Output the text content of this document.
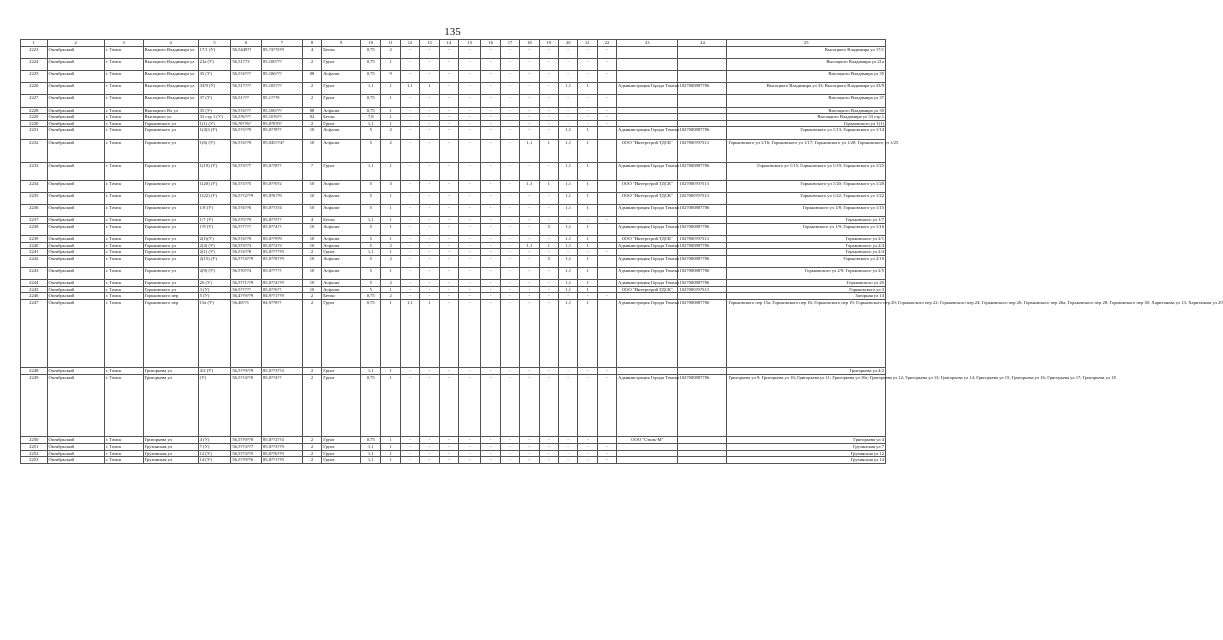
135
1	2	3	4	5	6	7	8	9	10	11	12	13	14	15	16	17	18	19	20	21	22	23	24	25
2223	Октябрьский	г. Томск	Высоцкого Владимира ул	17/1 (У)	56,5449??	85,?3??5?9	4	Бетон	0,75	2	-	-	-	-	-	-	-	-	-	-	-			Высоцкого Владимира ул 17/1
2224	Октябрьский	г. Томск	Высоцкого Владимира ул	21а (У)	56,51773	85,100???	2	Грунт	0,75	1	-	-	-	-	-	-	-	-	-	-	-			Высоцкого Владимира ул 21а
2225	Октябрьский	г. Томск	Высоцкого Владимира ул	35 (У)	56,5?4???	85,106???	08	Асфальт	0,75	9	-	-	-	-	-	-	-	-	-	-	-			Высоцкого Владимира ул 35
2226	Октябрьский	г. Томск	Высоцкого Владимира ул	33/9 (У)	56,517???	85,105???	2	Грунт	1,1	1	1,1	1	-	-	-	-	-	-	1,1	1		Администрация Города Томска	1027000887706	Высоцкого Владимира ул 33; Высоцкого Владимира ул 33/9
2227	Октябрьский	г. Томск	Высоцкого Владимира ул	37 (У)	56,51???	85,1???9	2	Грунт	0,75	1	-	-	-	-	-	-	-	-	-	-	-			Высоцкого Владимира ул 37
2228	Октябрьский	г. Томск	Высоцкого Вл ул	35 (У)	56,5?4???	85,106???	08	Асфальт	0,75	1	-	-	-	-	-	-	-	-	-	-	-			Высоцкого Владимира ул 35
2229	Октябрьский	г. Томск	Высоцкого ул	33 стр 1 (У)	56,5?6???	85,10?6??	02	Бетон	7,8	1	-	-	-	-	-	-	-	-	-	-	-			Высоцкого Владимира ул 33 стр 1
2230	Октябрьский	г. Томск	Горьковского ул	1(1) (У)	56,?0??6?	85,0?0?0?	2	Грунт	1,1	1	-	-	-	-	-	-	-	-	-	-	-			Горьковского ул 1(1)
2231	Октябрьский	г. Томск	Горьковского ул	1(4)3 (У)	56,5?3??9	85,0??8??	10	Асфальт	5	2	-	-	-	-	-	-	-	-	1,1	1		Администрация Города Томска	1027000887706	Горьковского ул 1/13; Горьковского ул 1/14
2232	Октябрьский	г. Томск	Горьковского ул	1(6) (У)	56,5?4??9	85,045??4?	10	Асфальт	5	2	-	-	-	-	-	-	1,1	1	1,1	1		ООО "Интерстрой ТДСК"	1027000?0?513	Горьковского ул 1/16; Горьковского ул 1/17; Горьковского ул 1/20; Горьковского ул 1/25
2233	Октябрьский	г. Томск	Горьковского ул	1(19) (У)	56,5?3??7	85,0??8??	7	Грунт	1,1	1	-	-	-	-	-	-	-	-	1,1	1		Администрация Города Томска	1027000887706	Горьковского ул 1/15; Горьковского ул 1/19; Горьковского ул 1/25
2234	Октябрьский	г. Томск	Горьковского ул	1(20) (У)	56,5?3??5	85,0??0?2	10	Асфальт	5	3	-	-	-	-	-	-	1,1	1	1,1	1		ООО "Интерстрой ТДСК"	1027000?0?513	Горьковского ул 1/20; Горьковского ул 1/20
2235	Октябрьский	г. Томск	Горьковского ул	1(22) (У)	56,5??2??9	85,0?6??9	10	Асфальт	5	1	-	-	-	-	-	-	-	-	1,1	1		ООО "Интерстрой ТДСК"	1027000?0?513	Горьковского ул 1/22; Горьковского ул 1/22
2236	Октябрьский	г. Томск	Горьковского ул	1/8 (У)	56,5?4??6	85,0??3?4	10	Асфальт	5	1	-	-	-	-	-	-	-	-	1,1	1		Администрация Города Томска	1027000887706	Горьковского ул 1/8; Горьковского ул 1/15
2237	Октябрьский	г. Томск	Горьковского ул	1/7 (У)	56,5?5??9	85,0??5??	4	Бетон	1,1	1	-	-	-	-	-	-	-	-	-	-	-			Горьковского ул 1/7
2238	Октябрьский	г. Томск	Горьковского ул	1/9 (У)	56,5??7??	85,0??4??	10	Асфальт	5	1	-	-	-	-	-	-	-	5	1,1	1		Администрация Города Томска	1027000887706	Горьковского ул 1/9; Горьковского ул 1/16
2239	Октябрьский	г. Томск	Горьковского ул	2(1)(У)	56,5?4??9	85,0??9?9	10	Асфальт	5	1	-	-	-	-	-	-	-	-	1,1	1		ООО "Интерстрой ТДСК"	1027000?0?513	Горьковского ул 2/1
2240	Октябрьский	г. Томск	Горьковского ул	2(4) (У)	56,5?3??3	85,0??2?3	10	Асфальт	5	2	-	-	-	-	-	-	1,1	1	1,1	1		Администрация Города Томска	1027000887706	Горьковского ул 2/4
2241	Октябрьский	г. Томск	Горьковского ул	2(1) (У)	56,5?4??8	85,0??7??9	2	Грунт	1,1	1	-	-	-	-	-	-	-	-	-	-	-			Горьковского ул 2/4
2242	Октябрьский	г. Томск	Горьковского ул	2(15) (У)	56,5??4??9	85,0??8??9	10	Асфальт	5	2	-	-	-	-	-	-	-	5	1,1	1		Администрация Города Томска	1027000887706	Горьковского ул 2/10
2243	Октябрьский	г. Томск	Горьковского ул	2(9) (У)	56,5?0??4	85,0??7??	10	Асфальт	5	1	-	-	-	-	-	-	-	-	1,1	1		Администрация Города Томска	1027000887706	Горьковского ул 2/9; Горьковского ул 2/5
2244	Октябрьский	г. Томск	Горьковского ул	2б (У)	56,5??1??9	85,0??4??9	10	Асфальт	5	2	-	-	-	-	-	-	-	-	1,1	1		Администрация Города Томска	1027000887706	Горьковского ул 2б
2245	Октябрьский	г. Томск	Горьковского ул	3 (У)	56,5??7??	85,0??6??	10	Асфальт	5	1	-	-	-	-	-	-	-	-	1,1	1		ООО "Интерстрой ТДСК"	1027000?0?513	Горьковского ул 3
2246	Октябрьский	г. Томск	Горьковского пер	5 (У)	56,4??9??9	84,9??1??9	2	Бетон	0,75	2	-	-	-	-	-	-	-	-	-	-	-			Загорная ул 14
2247	Октябрьский	г. Томск	Горьковского пер	15а (У)	56,48??1	84,9??8??	2	Грунт	0,75	1	1,1	1	-	-	-	-	-	-	1,1	1		Администрация Города Томска	1027000887706	Горьковского пер 15а; Горьковского пер 16; Горьковского пер 19; Горьковского пер 20; Горьковского пер 22; Горьковского пер 24; Горьковского пер 26; Горьковского пер 26а; Горьковского пер 28; Горьковского пер 30; Хаританова ул 13; Хаританова ул 29
2248	Октябрьский	г. Томск	Григорьева ул	4/2 (У)	56,5??9??9	85,0??3??4	2	Грунт	1,1	1	-	-	-	-	-	-	-	-	-	-	-			Григорьева ул 4/2
2249	Октябрьский	г. Томск	Григорьева ул	(У)	56,5??4??0	85,0??4??	2	Грунт	0,75	1	-	-	-	-	-	-	-	-	-	-	-	Администрация Города Томска	1027000887706	Григорьева ул 9; Григорьева ул 10; Григорьева ул 11; Григорьева ул 10а; Григорьева ул 12; Григорьева ул 13; Григорьева ул 14; Григорьева ул 15; Григорьева ул 16; Григорьева ул 17; Григорьева ул 18
2250	Октябрьский	г. Томск	Григорьева ул	4 (У)	56,5??9??0	85,0??2??4	2	Грунт	0,75	1	-	-	-	-	-	-	-	-	-	-		ООО "Стиль-М"		Григорьева ул 4
2251	Октябрьский	г. Томск	Грузинская ул	7 (У)	56,5??3??7	85,0??3??9	2	Грунт	1,1	1	-	-	-	-	-	-	-	-	-	-	-			Грузинская ул 7
2252	Октябрьский	г. Томск	Грузинская ул	12 (У)	56,5??3??5	85,0??6??9	2	Грунт	1,1	1	-	-	-	-	-	-	-	-	-	-	-			Грузинская ул 12
2253	Октябрьский	г. Томск	Грузинская ул	14 (У)	56,5??9??6	85,0??1??9	2	Грунт	1,1	1	-	-	-	-	-	-	-	-	-	-	-			Грузинская ул 14
